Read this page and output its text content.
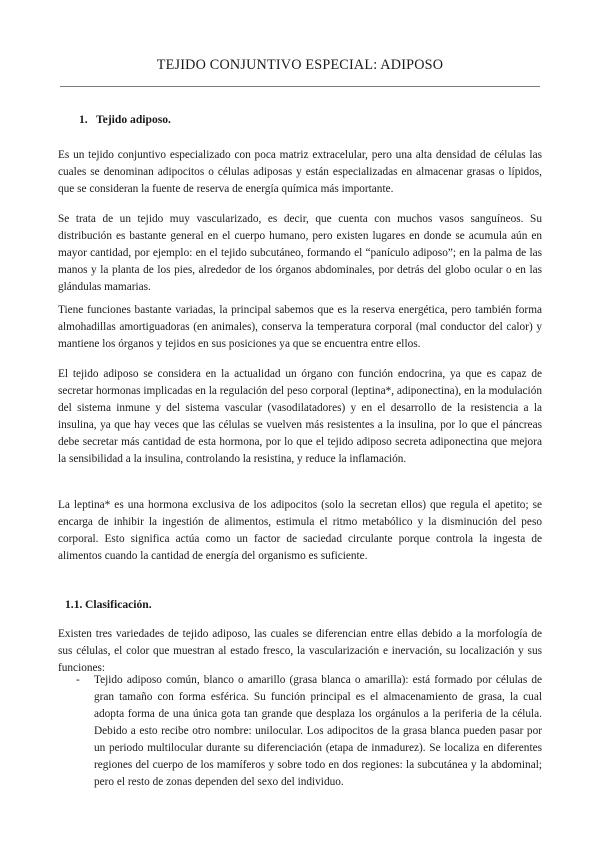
TEJIDO CONJUNTIVO ESPECIAL: ADIPOSO
1. Tejido adiposo.

Es un tejido conjuntivo especializado con poca matriz extracelular, pero una alta densidad de células las cuales se denominan adipocitos o células adiposas y están especializadas en almacenar grasas o lípidos, que se consideran la fuente de reserva de energía química más importante.

Se trata de un tejido muy vascularizado, es decir, que cuenta con muchos vasos sanguíneos. Su distribución es bastante general en el cuerpo humano, pero existen lugares en donde se acumula aún en mayor cantidad, por ejemplo: en el tejido subcutáneo, formando el “panículo adiposo”; en la palma de las manos y la planta de los pies, alrededor de los órganos abdominales, por detrás del globo ocular o en las glándulas mamarias.

Tiene funciones bastante variadas, la principal sabemos que es la reserva energética, pero también forma almohadillas amortiguadoras (en animales), conserva la temperatura corporal (mal conductor del calor) y mantiene los órganos y tejidos en sus posiciones ya que se encuentra entre ellos.

El tejido adiposo se considera en la actualidad un órgano con función endocrina, ya que es capaz de secretar hormonas implicadas en la regulación del peso corporal (leptina*, adiponectina), en la modulación del sistema inmune y del sistema vascular (vasodilatadores) y en el desarrollo de la resistencia a la insulina, ya que hay veces que las células se vuelven más resistentes a la insulina, por lo que el páncreas debe secretar más cantidad de esta hormona, por lo que el tejido adiposo secreta adiponectina que mejora la sensibilidad a la insulina, controlando la resistina, y reduce la inflamación.

La leptina* es una hormona exclusiva de los adipocitos (solo la secretan ellos) que regula el apetito; se encarga de inhibir la ingestión de alimentos, estimula el ritmo metabólico y la disminución del peso corporal. Esto significa actúa como un factor de saciedad circulante porque controla la ingesta de alimentos cuando la cantidad de energía del organismo es suficiente.

1.1. Clasificación.

Existen tres variedades de tejido adiposo, las cuales se diferencian entre ellas debido a la morfología de sus células, el color que muestran al estado fresco, la vascularización e inervación, su localización y sus funciones:

- Tejido adiposo común, blanco o amarillo (grasa blanca o amarilla): está formado por células de gran tamaño con forma esférica. Su función principal es el almacenamiento de grasa, la cual adopta forma de una única gota tan grande que desplaza los orgánulos a la periferia de la célula. Debido a esto recibe otro nombre: unilocular. Los adipocitos de la grasa blanca pueden pasar por un periodo multilocular durante su diferenciación (etapa de inmadurez). Se localiza en diferentes regiones del cuerpo de los mamíferos y sobre todo en dos regiones: la subcutánea y la abdominal; pero el resto de zonas dependen del sexo del individuo.
